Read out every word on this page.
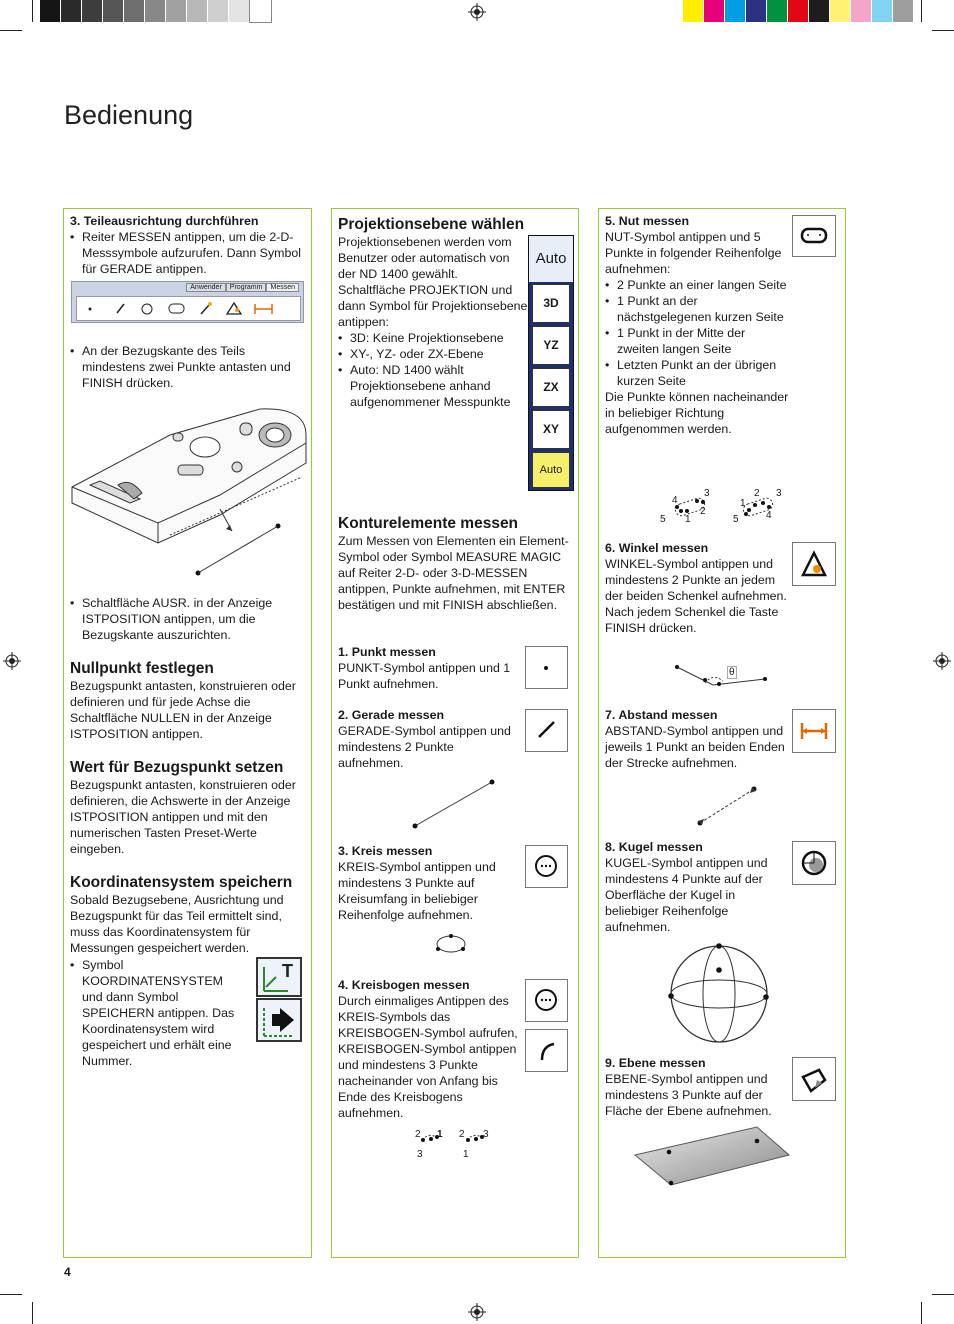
Bedienung
3. Teileausrichtung durchführen
• Reiter MESSEN antippen, um die 2-D-Messsymbole aufzurufen. Dann Symbol für GERADE antippen.
Anwender	Programm	Messen
• An der Bezugskante des Teils mindestens zwei Punkte antasten und FINISH drücken.
• Schaltfläche AUSR. in der Anzeige ISTPOSITION antippen, um die Bezugskante auszurichten.
Nullpunkt festlegen
Bezugspunkt antasten, konstruieren oder definieren und für jede Achse die Schaltfläche NULLEN in der Anzeige ISTPOSITION antippen.
Wert für Bezugspunkt setzen
Bezugspunkt antasten, konstruieren oder definieren, die Achswerte in der Anzeige ISTPOSITION antippen und mit den numerischen Tasten Preset-Werte eingeben.
Koordinatensystem speichern
Sobald Bezugsebene, Ausrichtung und Bezugspunkt für das Teil ermittelt sind, muss das Koordinatensystem für Messungen gespeichert werden.
• Symbol KOORDINATENSYSTEM und dann Symbol SPEICHERN antippen. Das Koordinatensystem wird gespeichert und erhält eine Nummer.
T
Projektionsebene wählen
Projektionsebenen werden vom Benutzer oder automatisch von der ND 1400 gewählt. Schaltfläche PROJEKTION und dann Symbol für Projektionsebene antippen:
• 3D: Keine Projektionsebene
• XY-, YZ- oder ZX-Ebene
• Auto: ND 1400 wählt Projektionsebene anhand aufgenommener Messpunkte
Auto
3D
YZ
ZX
XY
Auto
Konturelemente messen
Zum Messen von Elementen ein Element-Symbol oder Symbol MEASURE MAGIC auf Reiter 2-D- oder 3-D-MESSEN antippen, Punkte aufnehmen, mit ENTER bestätigen und mit FINISH abschließen.
1. Punkt messen
PUNKT-Symbol antippen und 1 Punkt aufnehmen.
2. Gerade messen
GERADE-Symbol antippen und mindestens 2 Punkte aufnehmen.
3. Kreis messen
KREIS-Symbol antippen und mindestens 3 Punkte auf Kreisumfang in beliebiger Reihenfolge aufnehmen.
4. Kreisbogen messen
Durch einmaliges Antippen des KREIS-Symbols das KREISBOGEN-Symbol aufrufen, KREISBOGEN-Symbol antippen und mindestens 3 Punkte nacheinander von Anfang bis Ende des Kreisbogens aufnehmen.
2 1
3
2 3
1
5. Nut messen
NUT-Symbol antippen und 5 Punkte in folgender Reihenfolge aufnehmen:
• 2 Punkte an einer langen Seite
• 1 Punkt an der nächstgelegenen kurzen Seite
• 1 Punkt in der Mitte der zweiten langen Seite
• Letzten Punkt an der übrigen kurzen Seite
Die Punkte können nacheinander in beliebiger Richtung aufgenommen werden.
4
3
2
5 1
1
2 3
4
5
6. Winkel messen
WINKEL-Symbol antippen und mindestens 2 Punkte an jedem der beiden Schenkel aufnehmen. Nach jedem Schenkel die Taste FINISH drücken.
θ
7. Abstand messen
ABSTAND-Symbol antippen und jeweils 1 Punkt an beiden Enden der Strecke aufnehmen.
8. Kugel messen
KUGEL-Symbol antippen und mindestens 4 Punkte auf der Oberfläche der Kugel in beliebiger Reihenfolge aufnehmen.
9. Ebene messen
EBENE-Symbol antippen und mindestens 3 Punkte auf der Fläche der Ebene aufnehmen.
4
